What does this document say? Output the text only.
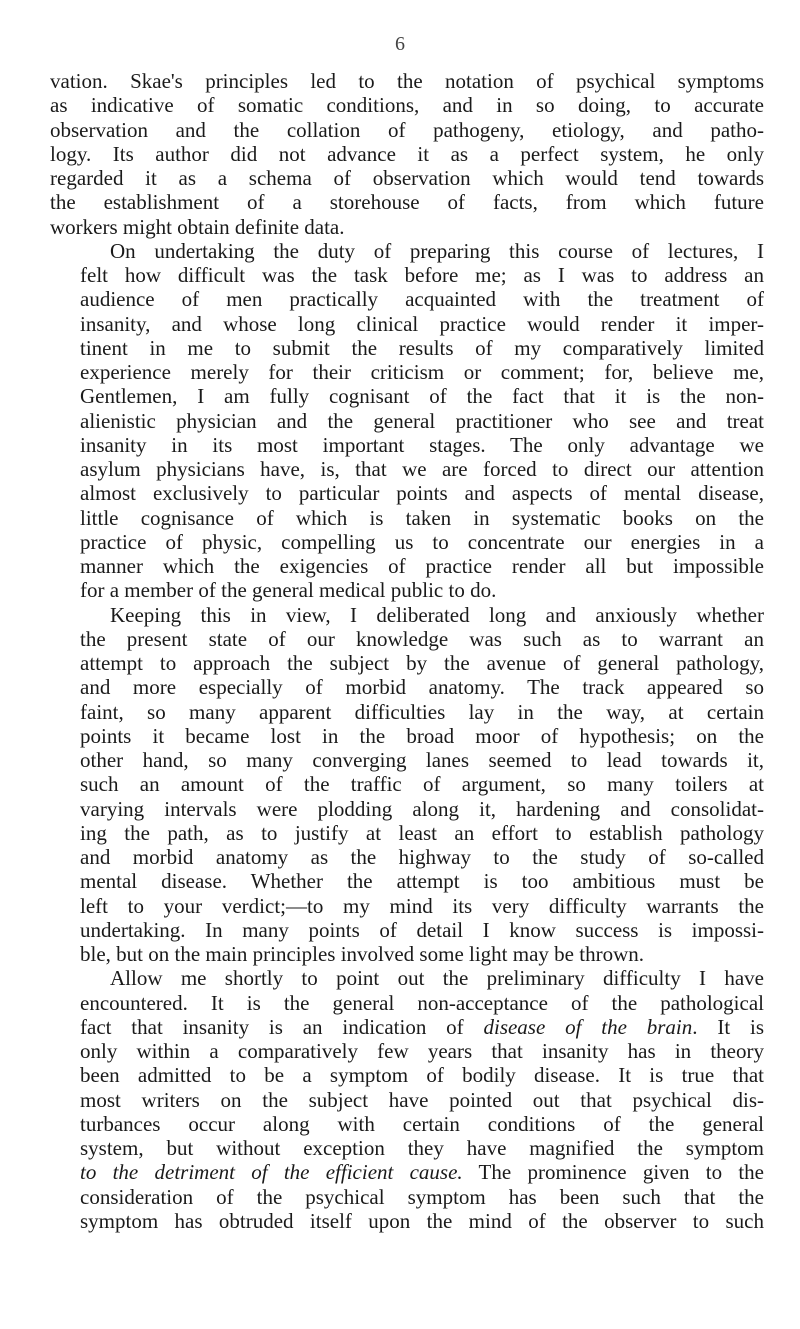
6

vation. Skae's principles led to the notation of psychical symptoms
as indicative of somatic conditions, and in so doing, to accurate
observation and the collation of pathogeny, etiology, and patho-
logy. Its author did not advance it as a perfect system, he only
regarded it as a schema of observation which would tend towards
the establishment of a storehouse of facts, from which future
workers might obtain definite data.

On undertaking the duty of preparing this course of lectures, I
felt how difficult was the task before me; as I was to address an
audience of men practically acquainted with the treatment of
insanity, and whose long clinical practice would render it imper-
tinent in me to submit the results of my comparatively limited
experience merely for their criticism or comment; for, believe me,
Gentlemen, I am fully cognisant of the fact that it is the non-
alienistic physician and the general practitioner who see and treat
insanity in its most important stages. The only advantage we
asylum physicians have, is, that we are forced to direct our attention
almost exclusively to particular points and aspects of mental disease,
little cognisance of which is taken in systematic books on the
practice of physic, compelling us to concentrate our energies in a
manner which the exigencies of practice render all but impossible
for a member of the general medical public to do.

Keeping this in view, I deliberated long and anxiously whether
the present state of our knowledge was such as to warrant an
attempt to approach the subject by the avenue of general pathology,
and more especially of morbid anatomy. The track appeared so
faint, so many apparent difficulties lay in the way, at certain
points it became lost in the broad moor of hypothesis; on the
other hand, so many converging lanes seemed to lead towards it,
such an amount of the traffic of argument, so many toilers at
varying intervals were plodding along it, hardening and consolidat-
ing the path, as to justify at least an effort to establish pathology
and morbid anatomy as the highway to the study of so-called
mental disease. Whether the attempt is too ambitious must be
left to your verdict;—to my mind its very difficulty warrants the
undertaking. In many points of detail I know success is impossi-
ble, but on the main principles involved some light may be thrown.

Allow me shortly to point out the preliminary difficulty I have
encountered. It is the general non-acceptance of the pathological
fact that insanity is an indication of disease of the brain. It is
only within a comparatively few years that insanity has in theory
been admitted to be a symptom of bodily disease. It is true that
most writers on the subject have pointed out that psychical dis-
turbances occur along with certain conditions of the general
system, but without exception they have magnified the symptom
to the detriment of the efficient cause. The prominence given to the
consideration of the psychical symptom has been such that the
symptom has obtruded itself upon the mind of the observer to such
